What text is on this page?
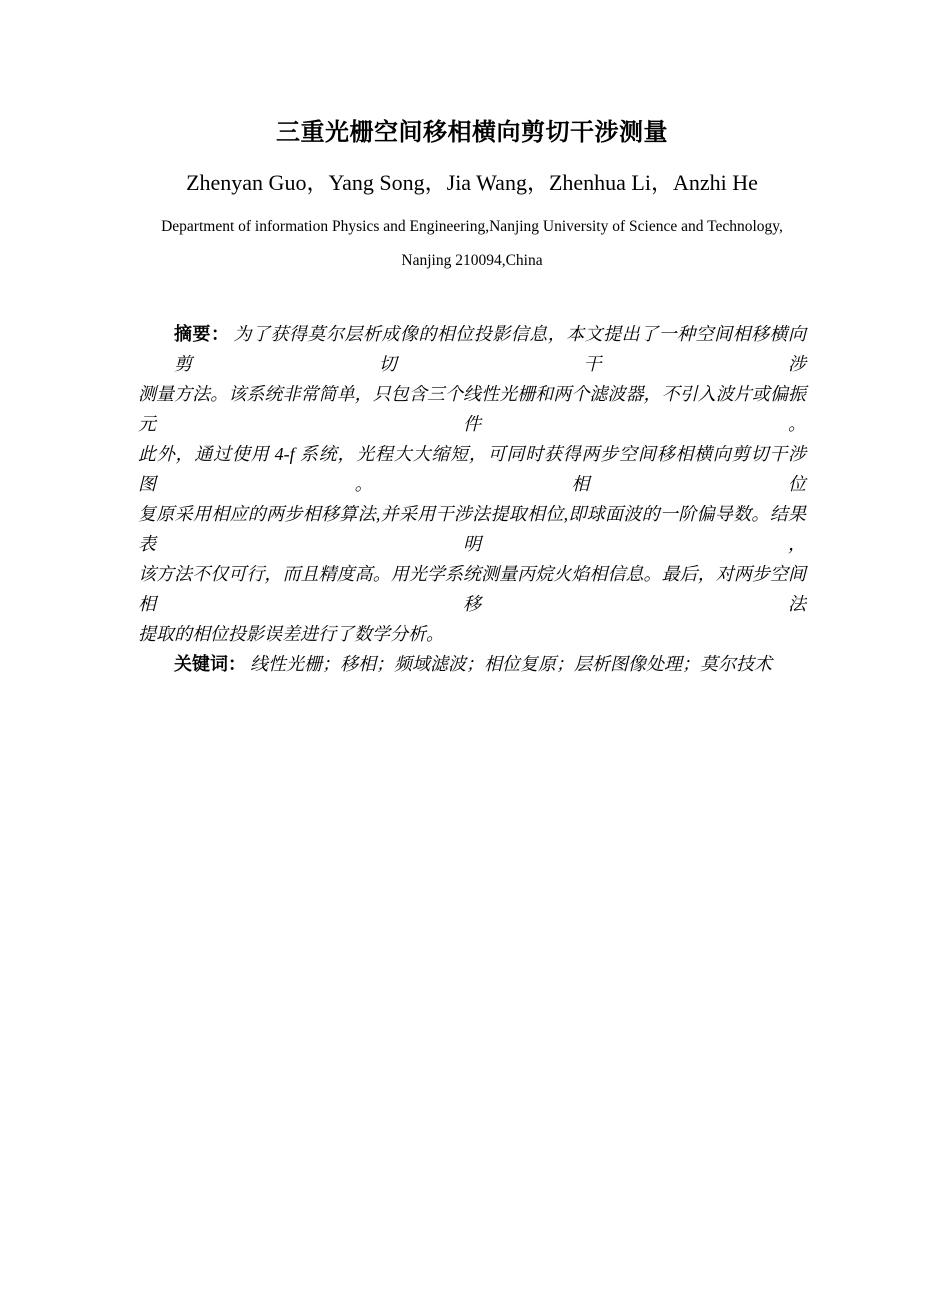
三重光栅空间移相横向剪切干涉测量
Zhenyan Guo，Yang Song，Jia Wang，Zhenhua Li，Anzhi He
Department of information Physics and Engineering,Nanjing University of Science and Technology,
Nanjing 210094,China
摘要： 为了获得莫尔层析成像的相位投影信息，本文提出了一种空间相移横向剪切干涉
测量方法。该系统非常简单，只包含三个线性光栅和两个滤波器，不引入波片或偏振元件。
此外，通过使用 4-f 系统，光程大大缩短，可同时获得两步空间移相横向剪切干涉图。相位
复原采用相应的两步相移算法,并采用干涉法提取相位,即球面波的一阶偏导数。结果表明，
该方法不仅可行，而且精度高。用光学系统测量丙烷火焰相信息。最后，对两步空间相移法
提取的相位投影误差进行了数学分析。
关键词： 线性光栅；移相；频域滤波；相位复原；层析图像处理；莫尔技术
